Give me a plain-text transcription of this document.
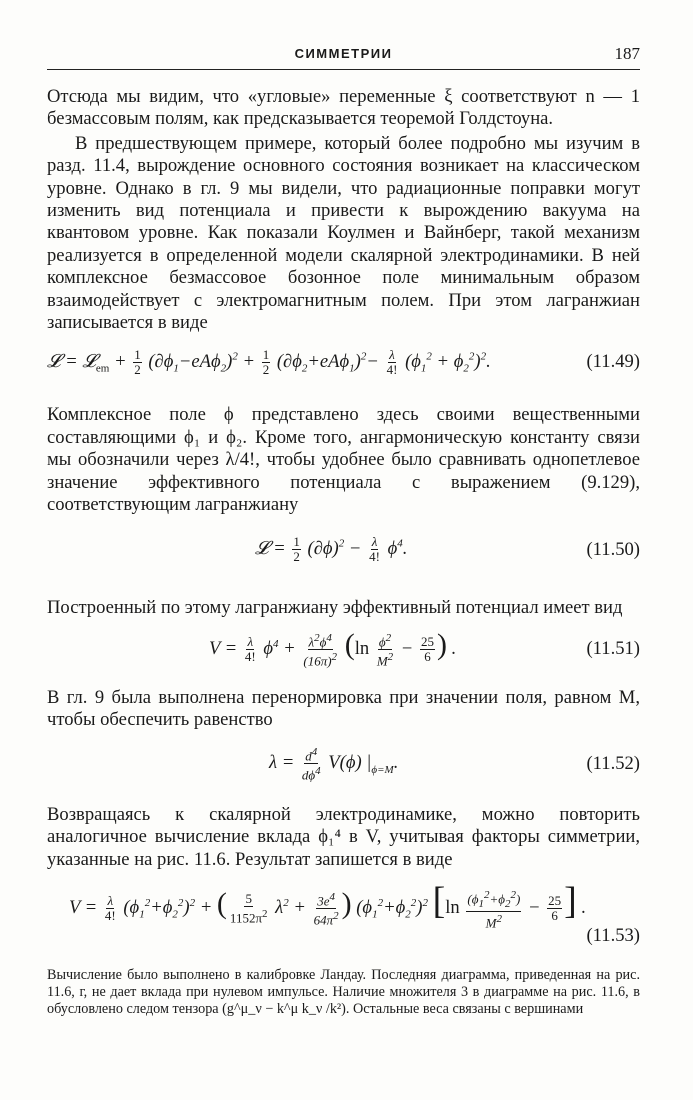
СИММЕТРИИ	187

Отсюда мы видим, что «угловые» переменные ξ соответствуют n — 1 безмассовым полям, как предсказывается теоремой Голдстоуна.

В предшествующем примере, который более подробно мы изучим в разд. 11.4, вырождение основного состояния возникает на классическом уровне. Однако в гл. 9 мы видели, что радиационные поправки могут изменить вид потенциала и привести к вырождению вакуума на квантовом уровне. Как показали Коулмен и Вайнберг, такой механизм реализуется в определенной модели скалярной электродинамики. В ней комплексное безмассовое бозонное поле минимальным образом взаимодействует с электромагнитным полем. При этом лагранжиан записывается в виде

𝓛 = 𝓛$_{em}$ + $\frac{1}{2} (\partial\phi_1-eA\phi_2)^2 + \frac{1}{2} (\partial\phi_2+eA\phi_1)^2- \frac{\lambda}{4!} (\phi_1^2 + \phi_2^2)^2$.	(11.49)

Комплексное поле ϕ представлено здесь своими вещественными составляющими ϕ₁ и ϕ₂. Кроме того, ангармоническую константу связи мы обозначили через λ/4!, чтобы удобнее было сравнивать однопетлевое значение эффективного потенциала с выражением (9.129), соответствующим лагранжиану

𝓛 = $\frac{1}{2} (\partial\phi)^2 - \frac{\lambda}{4!} \phi^4$.	(11.50)

Построенный по этому лагранжиану эффективный потенциал имеет вид

$V = \frac{\lambda}{4!} \phi^4 + \frac{\lambda^2\phi^4}{(16\pi)^2} (\ln \frac{\phi^2}{M^2} - \frac{25}{6}$ ) .	(11.51)

В гл. 9 была выполнена перенормировка при значении поля, равном M, чтобы обеспечить равенство

$\lambda = \frac{d^4}{d\phi^4} V(\phi)$ $|_{\phi=M}$.	(11.52)

Возвращаясь к скалярной электродинамике, можно повторить аналогичное вычисление вклада ϕ₁⁴ в V, учитывая факторы симметрии, указанные на рис. 11.6. Результат запишется в виде

$V = \frac{\lambda}{4!} (\phi_1^2+\phi_2^2)^2$ + ( $\frac{5}{1152\pi^2} \lambda^2 + \frac{3e^4}{64\pi^2}$ ) $(\phi_1^2+\phi_2^2)^2$ [$\ln \frac{(\phi_1^2+\phi_2^2)}{M^2} - \frac{25}{6}$ ] .
(11.53)

Вычисление было выполнено в калибровке Ландау. Последняя диаграмма, приведенная на рис. 11.6, г, не дает вклада при нулевом импульсе. Наличие множителя 3 в диаграмме на рис. 11.6, в обусловлено следом тензора (g^μ_ν − k^μ k_ν /k²). Остальные веса связаны с вершинами
